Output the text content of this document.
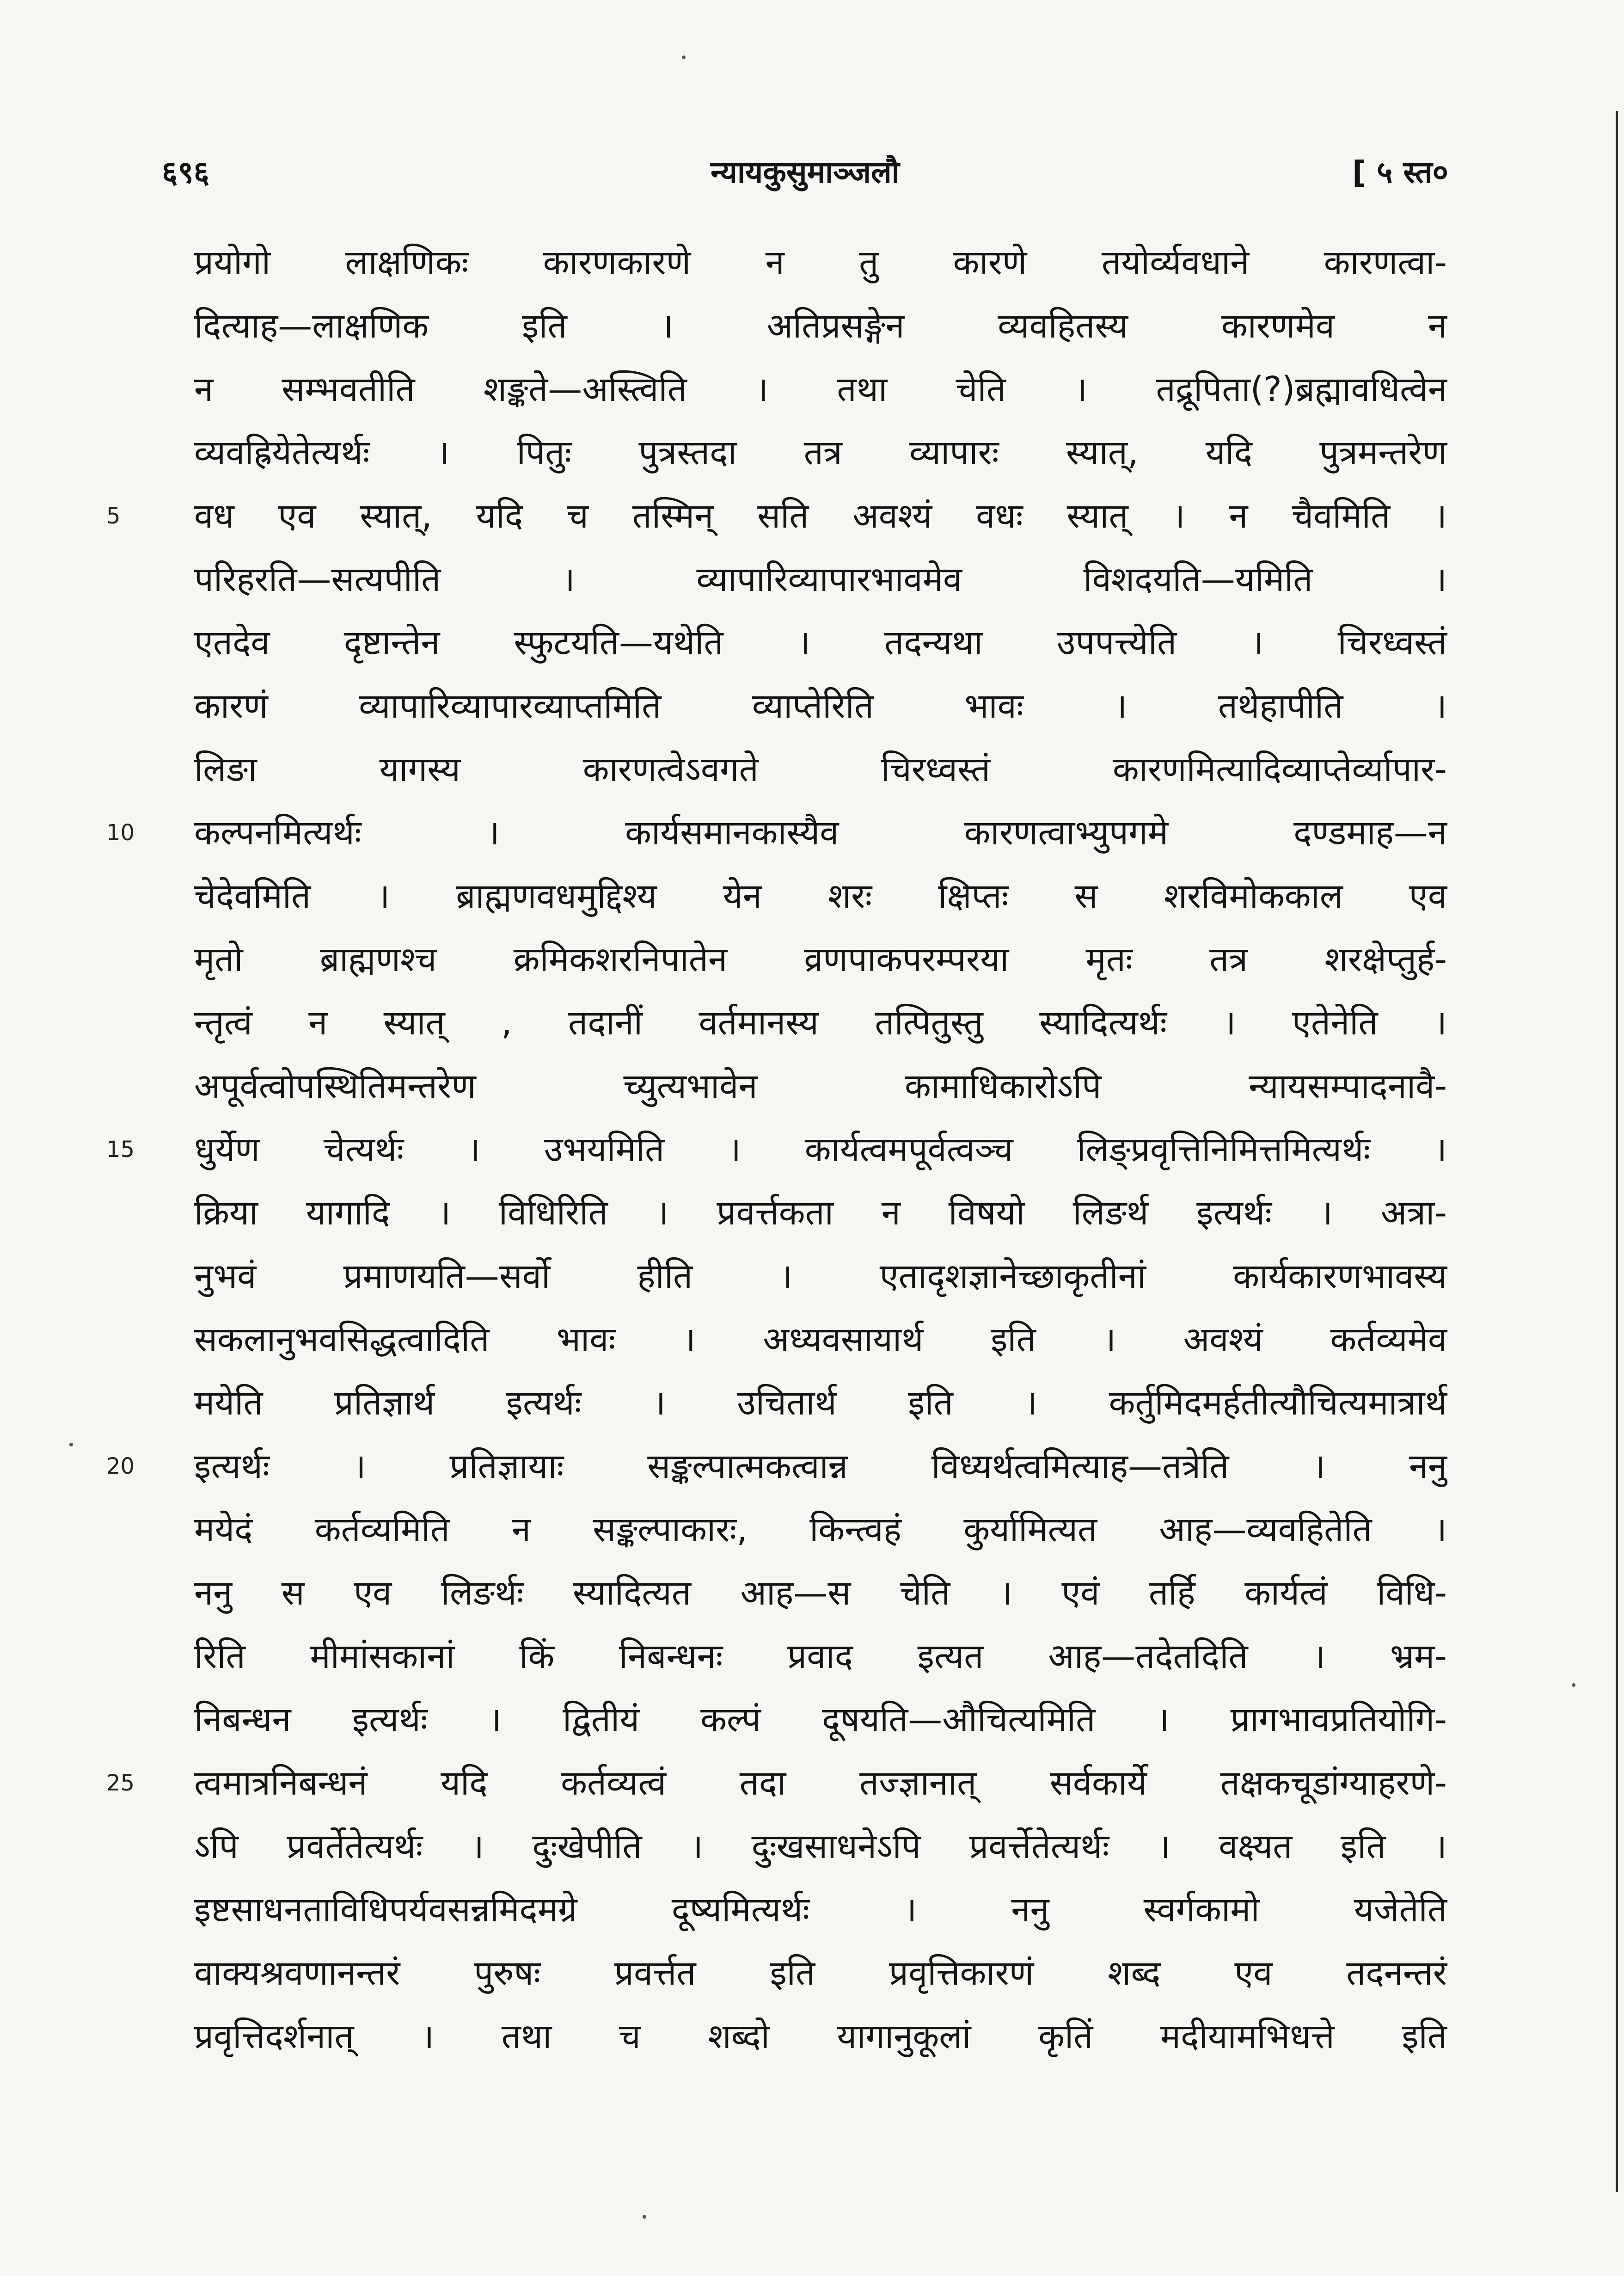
६९६	न्यायकुसुमाञ्जलौ	[ ५ स्त०
प्रयोगो लाक्षणिकः कारणकारणे न तु कारणे तयोर्व्यवधाने कारणत्वा-
दित्याह—लाक्षणिक इति । अतिप्रसङ्गेन व्यवहितस्य कारणमेव न
न सम्भवतीति शङ्कते—अस्त्विति । तथा चेति । तद्रूपिता(?)ब्रह्मावधित्वेन
व्यवह्रियेतेत्यर्थः । पितुः पुत्रस्तदा तत्र व्यापारः स्यात्, यदि पुत्रमन्तरेण
5	वध एव स्यात्, यदि च तस्मिन् सति अवश्यं वधः स्यात् । न चैवमिति ।
परिहरति—सत्यपीति । व्यापारिव्यापारभावमेव विशदयति—यमिति ।
एतदेव दृष्टान्तेन स्फुटयति—यथेति । तदन्यथा उपपत्त्येति । चिरध्वस्तं
कारणं व्यापारिव्यापारव्याप्तमिति व्याप्तेरिति भावः । तथेहापीति ।
लिङा यागस्य कारणत्वेऽवगते चिरध्वस्तं कारणमित्यादिव्याप्तेर्व्यापार-
10	कल्पनमित्यर्थः । कार्यसमानकास्यैव कारणत्वाभ्युपगमे दण्डमाह—न
चेदेवमिति । ब्राह्मणवधमुद्दिश्य येन शरः क्षिप्तः स शरविमोककाल एव
मृतो ब्राह्मणश्च क्रमिकशरनिपातेन व्रणपाकपरम्परया मृतः तत्र शरक्षेप्तुर्ह-
न्तृत्वं न स्यात् , तदानीं वर्तमानस्य तत्पितुस्तु स्यादित्यर्थः । एतेनेति ।
अपूर्वत्वोपस्थितिमन्तरेण च्युत्यभावेन कामाधिकारोऽपि न्यायसम्पादनावै-
15	धुर्येण चेत्यर्थः । उभयमिति । कार्यत्वमपूर्वत्वञ्च लिङ्प्रवृत्तिनिमित्तमित्यर्थः ।
क्रिया यागादि । विधिरिति । प्रवर्त्तकता न विषयो लिङर्थ इत्यर्थः । अत्रा-
नुभवं प्रमाणयति—सर्वो हीति । एतादृशज्ञानेच्छाकृतीनां कार्यकारणभावस्य
सकलानुभवसिद्धत्वादिति भावः । अध्यवसायार्थ इति । अवश्यं कर्तव्यमेव
मयेति प्रतिज्ञार्थ इत्यर्थः । उचितार्थ इति । कर्तुमिदमर्हतीत्यौचित्यमात्रार्थ
20	इत्यर्थः । प्रतिज्ञायाः सङ्कल्पात्मकत्वान्न विध्यर्थत्वमित्याह—तत्रेति । ननु
मयेदं कर्तव्यमिति न सङ्कल्पाकारः, किन्त्वहं कुर्यामित्यत आह—व्यवहितेति ।
ननु स एव लिङर्थः स्यादित्यत आह—स चेति । एवं तर्हि कार्यत्वं विधि-
रिति मीमांसकानां किं निबन्धनः प्रवाद इत्यत आह—तदेतदिति । भ्रम-
निबन्धन इत्यर्थः । द्वितीयं कल्पं दूषयति—औचित्यमिति । प्रागभावप्रतियोगि-
25	त्वमात्रनिबन्धनं यदि कर्तव्यत्वं तदा तज्ज्ञानात् सर्वकार्ये तक्षकचूडांग्याहरणे-
ऽपि प्रवर्तेतेत्यर्थः । दुःखेपीति । दुःखसाधनेऽपि प्रवर्त्तेतेत्यर्थः । वक्ष्यत इति ।
इष्टसाधनताविधिपर्यवसन्नमिदमग्रे दूष्यमित्यर्थः । ननु स्वर्गकामो यजेतेति
वाक्यश्रवणानन्तरं पुरुषः प्रवर्त्तत इति प्रवृत्तिकारणं शब्द एव तदनन्तरं
प्रवृत्तिदर्शनात् । तथा च शब्दो यागानुकूलां कृतिं मदीयामभिधत्ते इति
